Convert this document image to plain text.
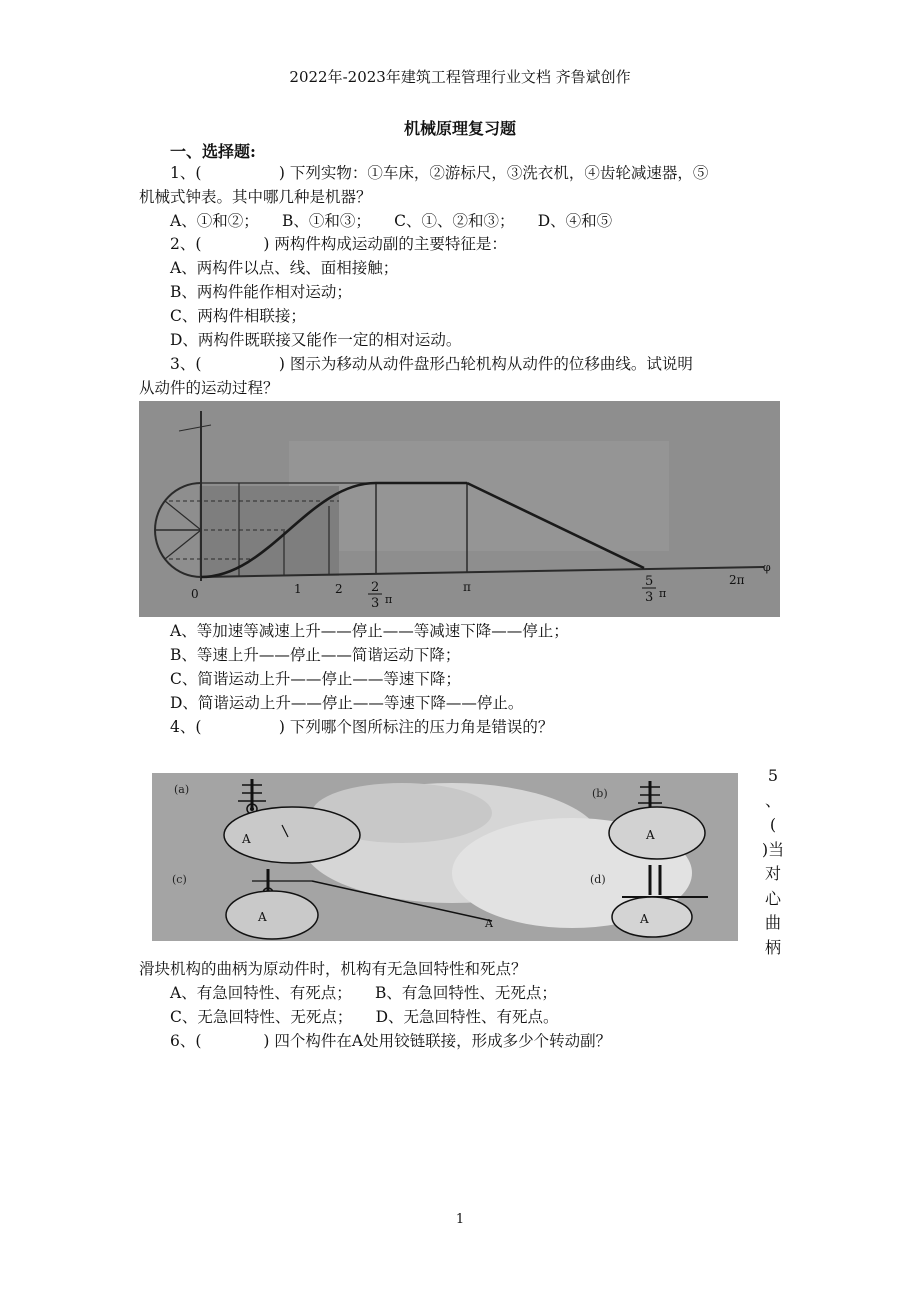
2022年-2023年建筑工程管理行业文档 齐鲁斌创作
机械原理复习题
一、选择题:
1、(　　　　　) 下列实物：①车床，②游标尺，③洗衣机，④齿轮减速器，⑤
机械式钟表。其中哪几种是机器？
A、①和②；　　B、①和③；　　C、①、②和③；　　D、④和⑤
2、(　　　　) 两构件构成运动副的主要特征是：
A、两构件以点、线、面相接触；
B、两构件能作相对运动；
C、两构件相联接；
D、两构件既联接又能作一定的相对运动。
3、(　　　　　) 图示为移动从动件盘形凸轮机构从动件的位移曲线。试说明
从动件的运动过程？
0	1	2 2
3 π
π	5
3 π
2π
φ
A、等加速等减速上升——停止——等减速下降——停止；
B、等速上升——停止——简谐运动下降；
C、简谐运动上升——停止——等速下降；
D、简谐运动上升——停止——等速下降——停止。
4、(　　　　　) 下列哪个图所标注的压力角是错误的？
(a)
A
(b)
A
(c)
A	A
(d)
A
5
、
(
)当
对
心
曲
柄
滑块机构的曲柄为原动件时，机构有无急回特性和死点？
A、有急回特性、有死点；　　B、有急回特性、无死点；
C、无急回特性、无死点；　　D、无急回特性、有死点。
6、(　　　　) 四个构件在A处用铰链联接，形成多少个转动副？
1
